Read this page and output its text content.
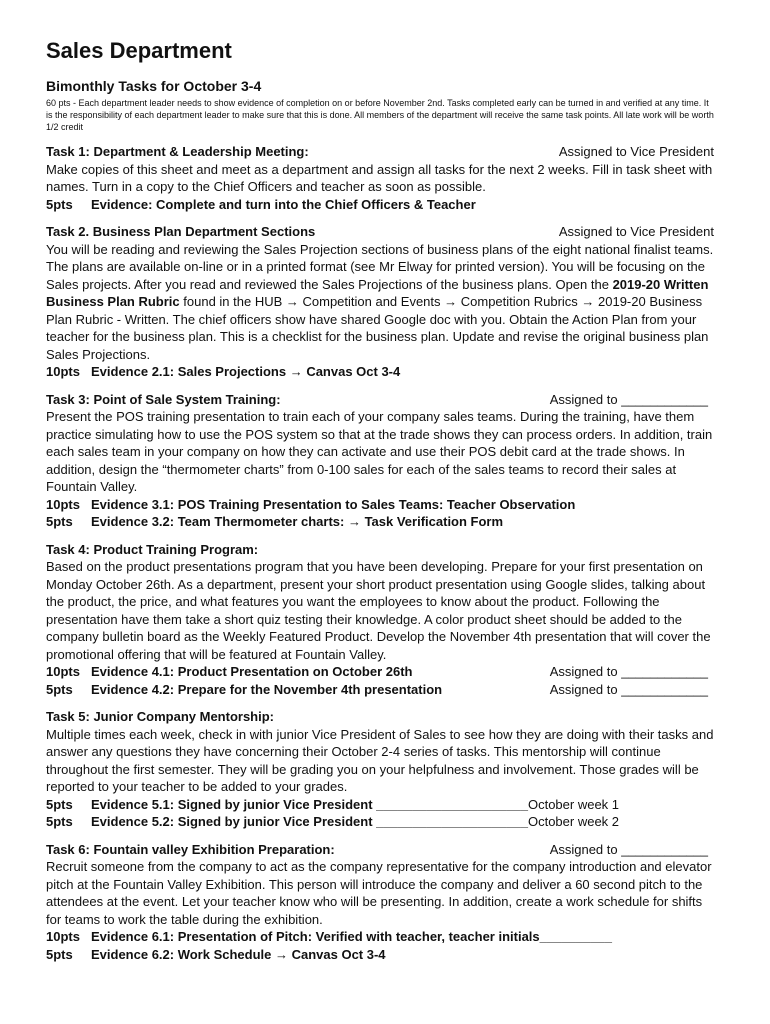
Sales Department
Bimonthly Tasks for October 3-4
60 pts - Each department leader needs to show evidence of completion on or before November 2nd. Tasks completed early can be turned in and verified at any time. It is the responsibility of each department leader to make sure that this is done. All members of the department will receive the same task points. All late work will be worth 1/2 credit
Task 1: Department & Leadership Meeting:	Assigned to Vice President
Make copies of this sheet and meet as a department and assign all tasks for the next 2 weeks. Fill in task sheet with names. Turn in a copy to the Chief Officers and teacher as soon as possible.
5pts	Evidence: Complete and turn into the Chief Officers & Teacher
Task 2. Business Plan Department Sections	Assigned to Vice President
You will be reading and reviewing the Sales Projection sections of business plans of the eight national finalist teams. The plans are available on-line or in a printed format (see Mr Elway for printed version). You will be focusing on the Sales projects. After you read and reviewed the Sales Projections of the business plans. Open the 2019-20 Written Business Plan Rubric found in the HUB → Competition and Events → Competition Rubrics → 2019-20 Business Plan Rubric - Written. The chief officers show have shared Google doc with you. Obtain the Action Plan from your teacher for the business plan. This is a checklist for the business plan. Update and revise the original business plan Sales Projections.
10pts Evidence 2.1: Sales Projections → Canvas Oct 3-4
Task 3: Point of Sale System Training:	Assigned to ____________
Present the POS training presentation to train each of your company sales teams. During the training, have them practice simulating how to use the POS system so that at the trade shows they can process orders. In addition, train each sales team in your company on how they can activate and use their POS debit card at the trade shows. In addition, design the “thermometer charts” from 0-100 sales for each of the sales teams to record their sales at Fountain Valley.
10pts Evidence 3.1: POS Training Presentation to Sales Teams: Teacher Observation
5pts	Evidence 3.2: Team Thermometer charts: → Task Verification Form
Task 4: Product Training Program:
Based on the product presentations program that you have been developing. Prepare for your first presentation on Monday October 26th. As a department, present your short product presentation using Google slides, talking about the product, the price, and what features you want the employees to know about the product. Following the presentation have them take a short quiz testing their knowledge. A color product sheet should be added to the company bulletin board as the Weekly Featured Product. Develop the November 4th presentation that will cover the promotional offering that will be featured at Fountain Valley.
10pts Evidence 4.1: Product Presentation on October 26th	Assigned to ____________
5pts	Evidence 4.2: Prepare for the November 4th presentation	Assigned to ____________
Task 5: Junior Company Mentorship:
Multiple times each week, check in with junior Vice President of Sales to see how they are doing with their tasks and answer any questions they have concerning their October 2-4 series of tasks. This mentorship will continue throughout the first semester. They will be grading you on your helpfulness and involvement. Those grades will be reported to your teacher to be added to your grades.
5pts	Evidence 5.1: Signed by junior Vice President _____________________ October week 1
5pts	Evidence 5.2: Signed by junior Vice President _____________________ October week 2
Task 6: Fountain valley Exhibition Preparation:	Assigned to ____________
Recruit someone from the company to act as the company representative for the company introduction and elevator pitch at the Fountain Valley Exhibition. This person will introduce the company and deliver a 60 second pitch to the attendees at the event. Let your teacher know who will be presenting. In addition, create a work schedule for shifts for teams to work the table during the exhibition.
10pts Evidence 6.1: Presentation of Pitch: Verified with teacher, teacher initials__________
5pts	Evidence 6.2: Work Schedule → Canvas Oct 3-4
